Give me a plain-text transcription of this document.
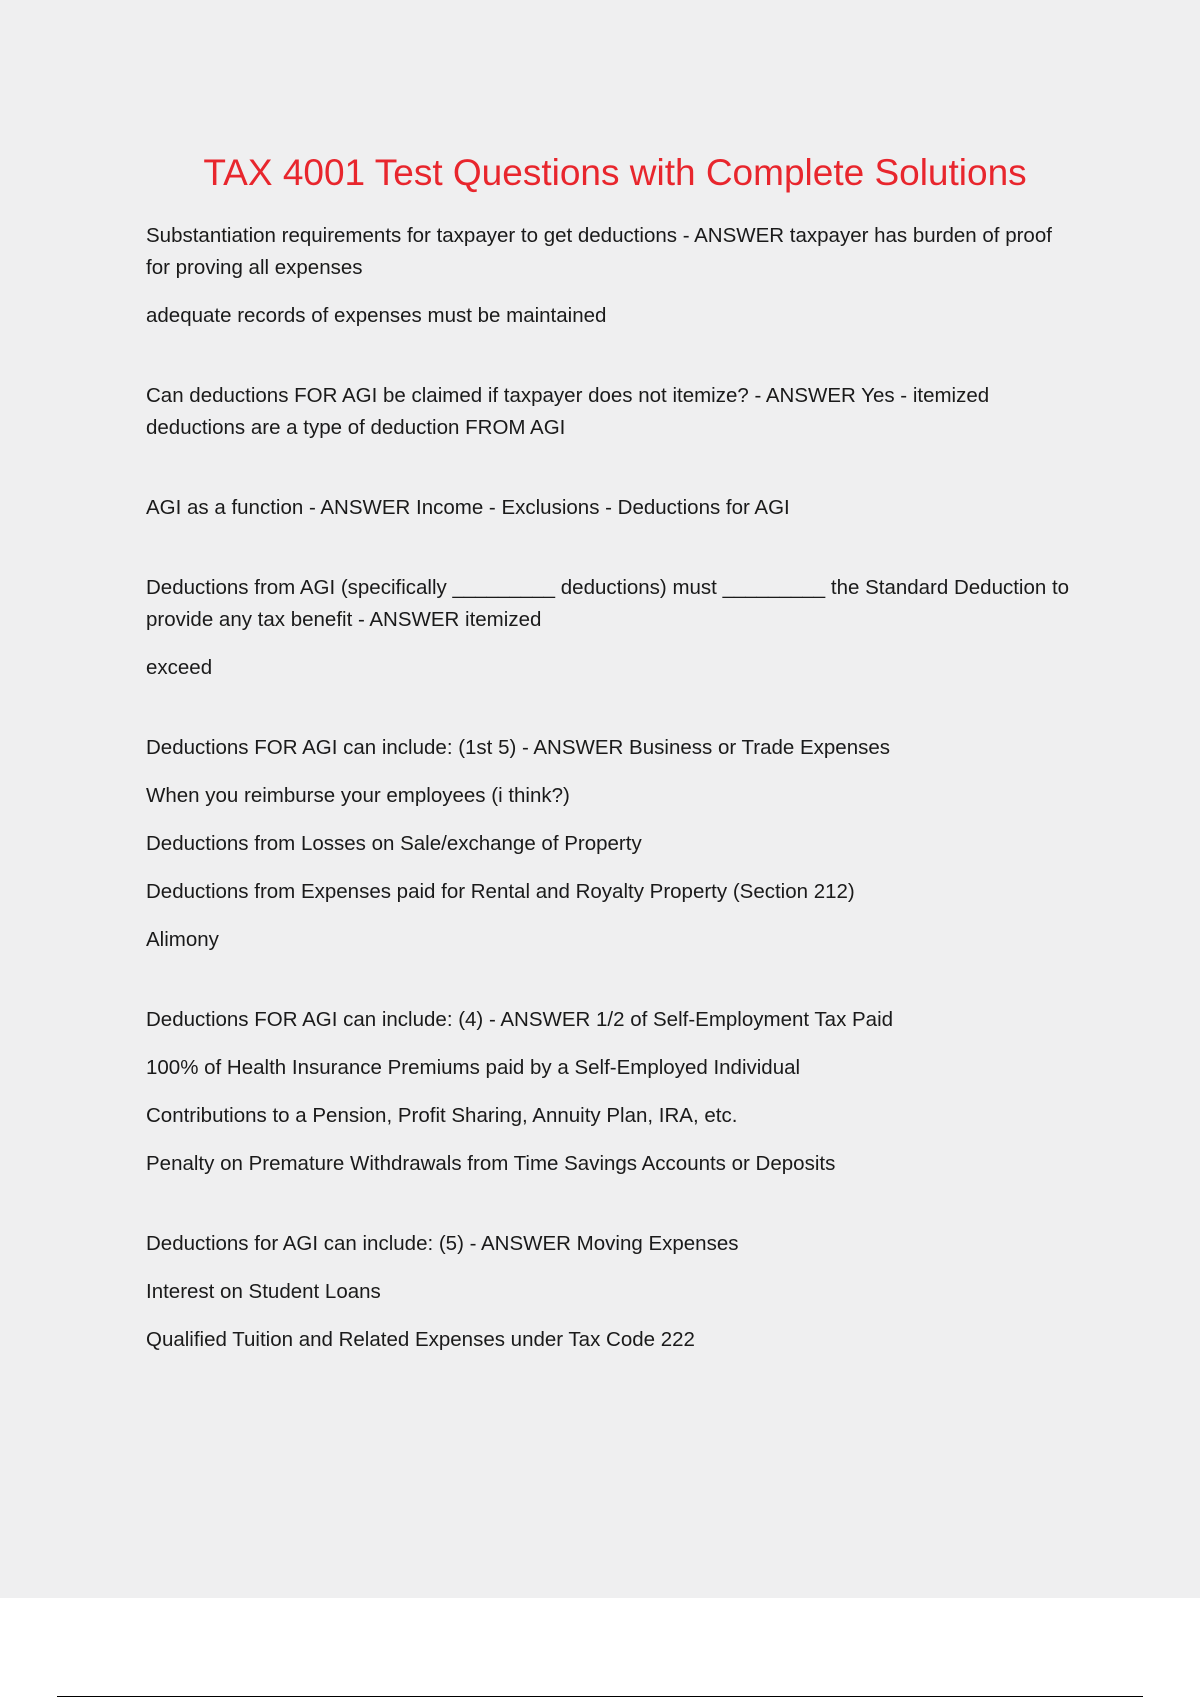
TAX 4001 Test Questions with Complete Solutions

Substantiation requirements for taxpayer to get deductions - ANSWER taxpayer has burden of proof for proving all expenses

adequate records of expenses must be maintained

Can deductions FOR AGI be claimed if taxpayer does not itemize? - ANSWER Yes - itemized deductions are a type of deduction FROM AGI

AGI as a function - ANSWER Income - Exclusions - Deductions for AGI

Deductions from AGI (specifically _________ deductions) must _________ the Standard Deduction to provide any tax benefit - ANSWER itemized

exceed

Deductions FOR AGI can include: (1st 5) - ANSWER Business or Trade Expenses

When you reimburse your employees (i think?)

Deductions from Losses on Sale/exchange of Property

Deductions from Expenses paid for Rental and Royalty Property (Section 212)

Alimony

Deductions FOR AGI can include: (4) - ANSWER 1/2 of Self-Employment Tax Paid

100% of Health Insurance Premiums paid by a Self-Employed Individual

Contributions to a Pension, Profit Sharing, Annuity Plan, IRA, etc.

Penalty on Premature Withdrawals from Time Savings Accounts or Deposits

Deductions for AGI can include: (5) - ANSWER Moving Expenses

Interest on Student Loans

Qualified Tuition and Related Expenses under Tax Code 222
